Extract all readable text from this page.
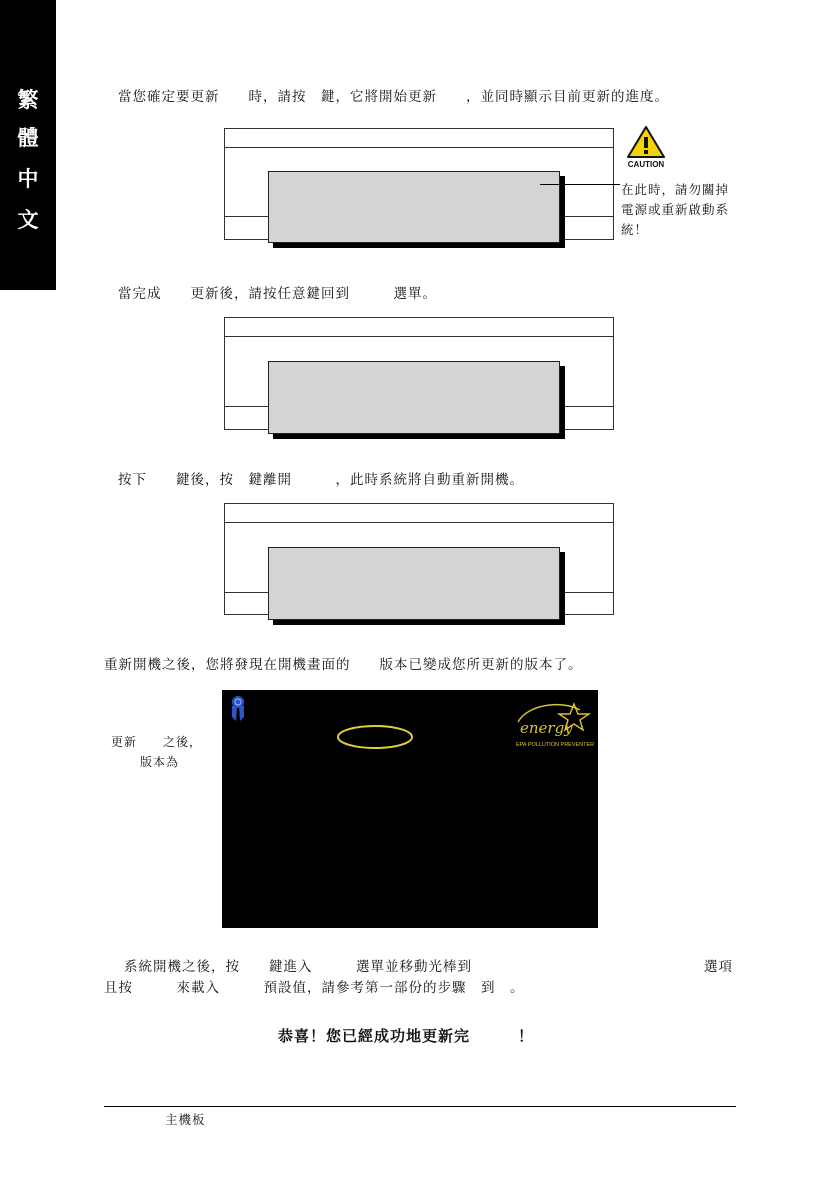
繁
體
中
文
當您確定要更新　　時，請按　鍵，它將開始更新　　，並同時顯示目前更新的進度。
CAUTION
在此時，請勿關掉
電源或重新啟動系
統！
當完成　　更新後，請按任意鍵回到　　　選單。
按下　　鍵後，按　鍵離開　　　，此時系統將自動重新開機。
重新開機之後，您將發現在開機畫面的　　版本已變成您所更新的版本了。
更新　　之後，
版本為
energy
EPA POLLUTION PREVENTER
系統開機之後，按　　鍵進入　　　選單並移動光棒到	選項
且按　　　來載入　　　預設值，請參考第一部份的步驟　到　。
恭喜！您已經成功地更新完　　　！
主機板
